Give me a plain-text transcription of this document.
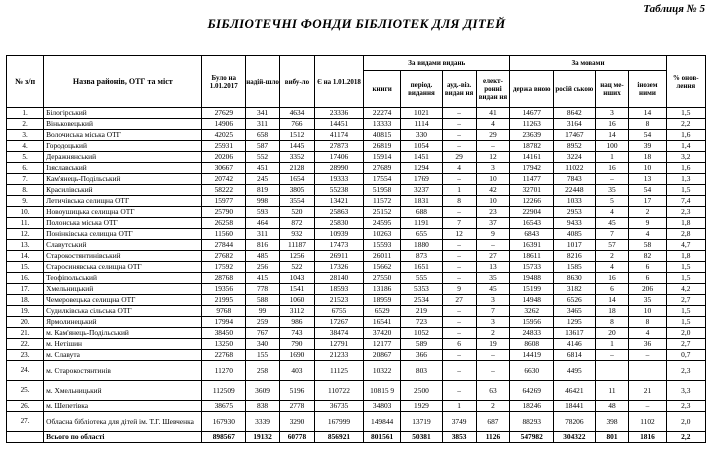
Таблиця № 5
БІБЛІОТЕЧНІ ФОНДИ БІБЛІОТЕК ДЛЯ ДІТЕЙ
№ з/п	Назва районів, ОТГ та міст	Було на 1.01.2017	надій-шло	вибу-ло	Є на 1.01.2018	За видами видань				За мовами				% онов-лення
						книги	період. видання	ауд.-віз. видан ня	елект-ронні видан ня	держа вною	росій ською	нац ме-нших	інозем ними	
1.	Білогірський	27629	341	4634	23336	22274	1021	–	41	14677	8642	3	14	1,5
2.	Віньковецький	14906	311	766	14451	13333	1114	–	4	11263	3164	16	8	2,2
3.	Волочиська міська ОТГ	42025	658	1512	41174	40815	330	–	29	23639	17467	14	54	1,6
4.	Городоцький	25931	587	1445	27873	26819	1054	–	–	18782	8952	100	39	1,4
5.	Деражнянський	20206	552	3352	17406	15914	1451	29	12	14161	3224	1	18	3,2
6.	Ізяславський	30667	451	2128	28990	27689	1294	4	3	17942	11022	16	10	1,6
7.	Кам'янець-Подільський	20742	245	1654	19333	17554	1769	–	10	11477	7843	–	13	1,3
8.	Красилівський	58222	819	3805	55238	51958	3237	1	42	32701	22448	35	54	1,5
9.	Летичівська селищна ОТГ	15977	998	3554	13421	11572	1831	8	10	12266	1033	5	17	7,4
10.	Новоушицька селищна ОТГ	25790	593	520	25863	25152	688	–	23	22904	2953	4	2	2,3
11.	Полонська міська ОТГ	26258	464	872	25830	24595	1191	7	37	16543	9433	45	9	1,8
12.	Понінківська селищна ОТГ	11560	311	932	10939	10263	655	12	9	6843	4085	7	4	2,8
13.	Славутський	27844	816	11187	17473	15593	1880	–	–	16391	1017	57	58	4,7
14.	Старокостянтинівський	27682	485	1256	26911	26011	873	–	27	18611	8216	2	82	1,8
15.	Старосинявська селищна ОТГ	17592	256	522	17326	15662	1651	–	13	15733	1585	4	6	1,5
16.	Теофіпольський	28768	415	1043	28140	27550	555	–	35	19488	8630	16	6	1,5
17.	Хмельницький	19356	778	1541	18593	13186	5353	9	45	15199	3182	6	206	4,2
18.	Чемеровецька селищна ОТГ	21995	588	1060	21523	18959	2534	27	3	14948	6526	14	35	2,7
19.	Судилківська сільська ОТГ	9768	99	3112	6755	6529	219	–	7	3262	3465	18	10	1,5
20.	Ярмолинецький	17994	259	986	17267	16541	723	–	3	15956	1295	8	8	1,5
21.	м. Кам'янець-Подільський	38450	767	743	38474	37420	1052	–	2	24833	13617	20	4	2,0
22.	м. Нетішин	13250	340	790	12791	12177	589	6	19	8608	4146	1	36	2,7
23.	м. Славута	22768	155	1690	21233	20867	366	–	–	14419	6814	–	–	0,7
24.	м. Старокостянтинів	11270	258	403	11125	10322	803	–	–	6630	4495			2,3
25.	м. Хмельницький	112509	3609	5196	110722	10815 9	2500	–	63	64269	46421	11	21	3,3
26.	м. Шепетівка	38675	838	2778	36735	34803	1929	1	2	18246	18441	48	–	2,3
27.	Обласна бібліотека для дітей ім. Т.Г. Шевченка	167930	3339	3290	167999	149844	13719	3749	687	88293	78206	398	1102	2,0
	Всього по області	898567	19132	60778	856921	801561	50381	3853	1126	547982	304322	801	1816	2,2
